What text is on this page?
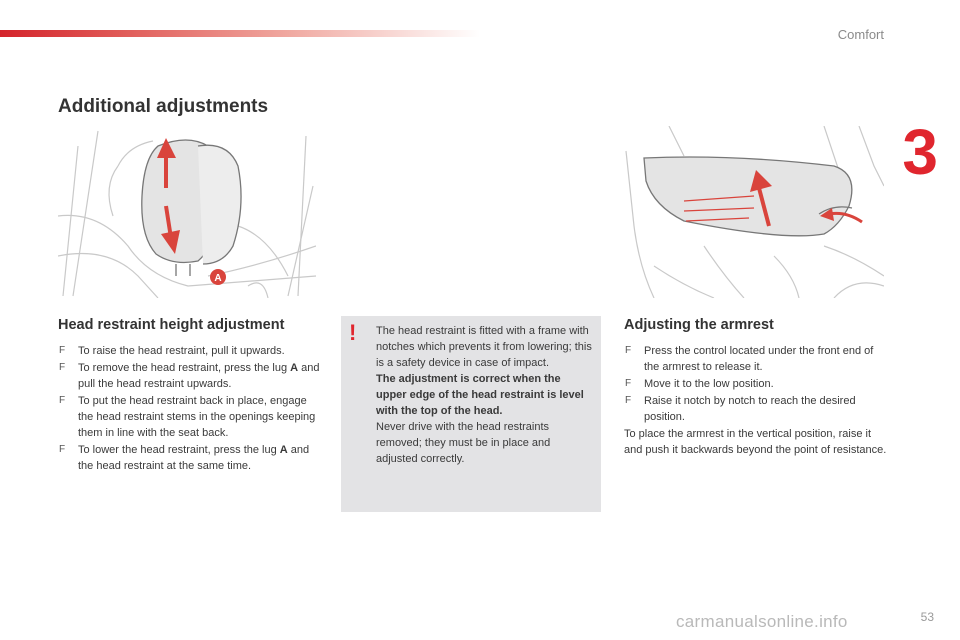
Comfort
3
Additional adjustments
A
Head restraint height adjustment
F To raise the head restraint, pull it upwards.
F To remove the head restraint, press the lug A and pull the head restraint upwards.
F To put the head restraint back in place, engage the head restraint stems in the openings keeping them in line with the seat back.
F To lower the head restraint, press the lug A and the head restraint at the same time.
! The head restraint is fitted with a frame with notches which prevents it from lowering; this is a safety device in case of impact.

The adjustment is correct when the upper edge of the head restraint is level with the top of the head.

Never drive with the head restraints removed; they must be in place and adjusted correctly.

Adjusting the armrest
F Press the control located under the front end of the armrest to release it.
F Move it to the low position.
F Raise it notch by notch to reach the desired position.

To place the armrest in the vertical position, raise it and push it backwards beyond the point of resistance.

carmanualsonline.info	53
